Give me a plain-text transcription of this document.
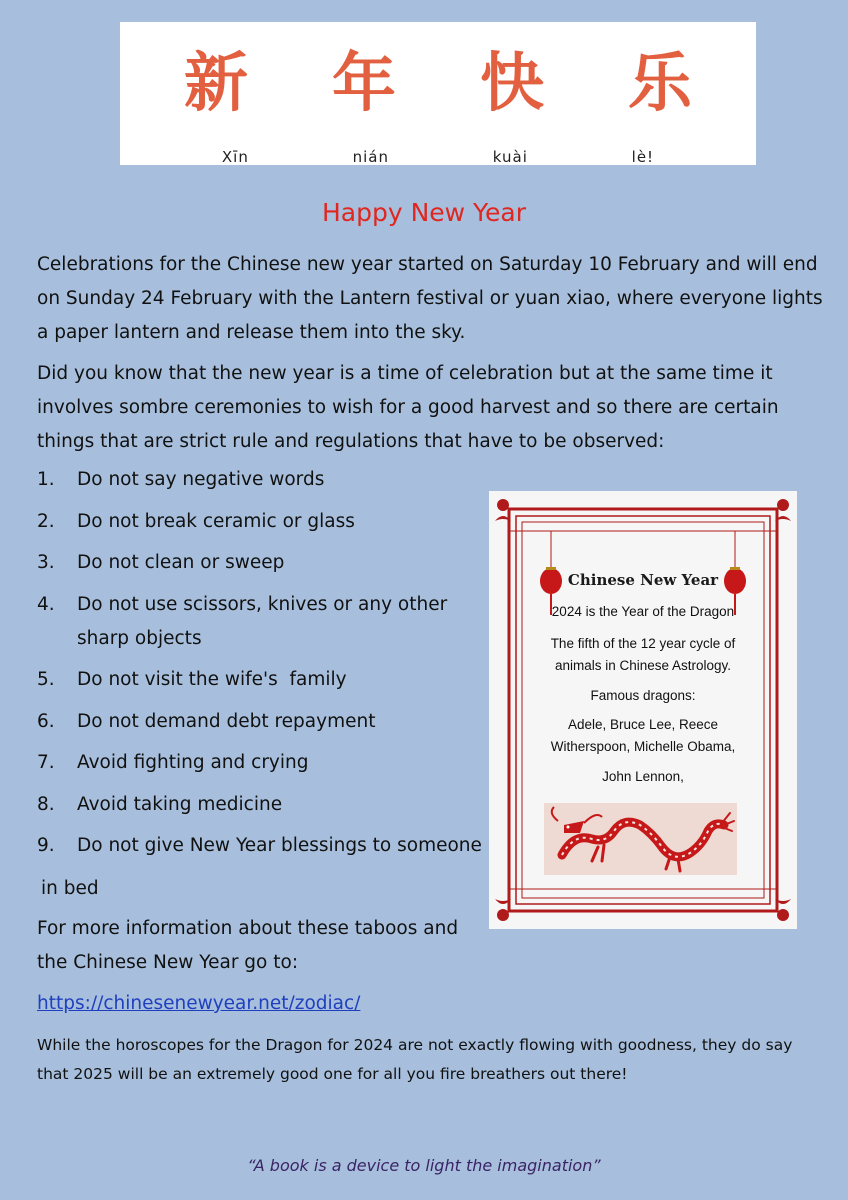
新 年 快 乐
Xīn	nián	kuài	lè!
Happy New Year
Celebrations for the Chinese new year started on Saturday 10 February and will end on Sunday 24 February with the Lantern festival or yuan xiao, where everyone lights a paper lantern and release them into the sky.
Did you know that the new year is a time of celebration but at the same time it involves sombre ceremonies to wish for a good harvest and so there are certain things that are strict rule and regulations that have to be observed:
1. Do not say negative words
2. Do not break ceramic or glass
3. Do not clean or sweep
4. Do not use scissors, knives or any other sharp objects
5. Do not visit the wife's  family
6. Do not demand debt repayment
7. Avoid fighting and crying
8. Avoid taking medicine
9. Do not give New Year blessings to someone
in bed
For more information about these taboos and the Chinese New Year go to:
https://chinesenewyear.net/zodiac/
While the horoscopes for the Dragon for 2024 are not exactly flowing with goodness, they do say that 2025 will be an extremely good one for all you fire breathers out there!
“A book is a device to light the imagination”
Chinese New Year
2024 is the Year of the Dragon
The fifth of the 12 year cycle of animals in Chinese Astrology.
Famous dragons:
Adele, Bruce Lee, Reece Witherspoon, Michelle Obama,
John Lennon,
